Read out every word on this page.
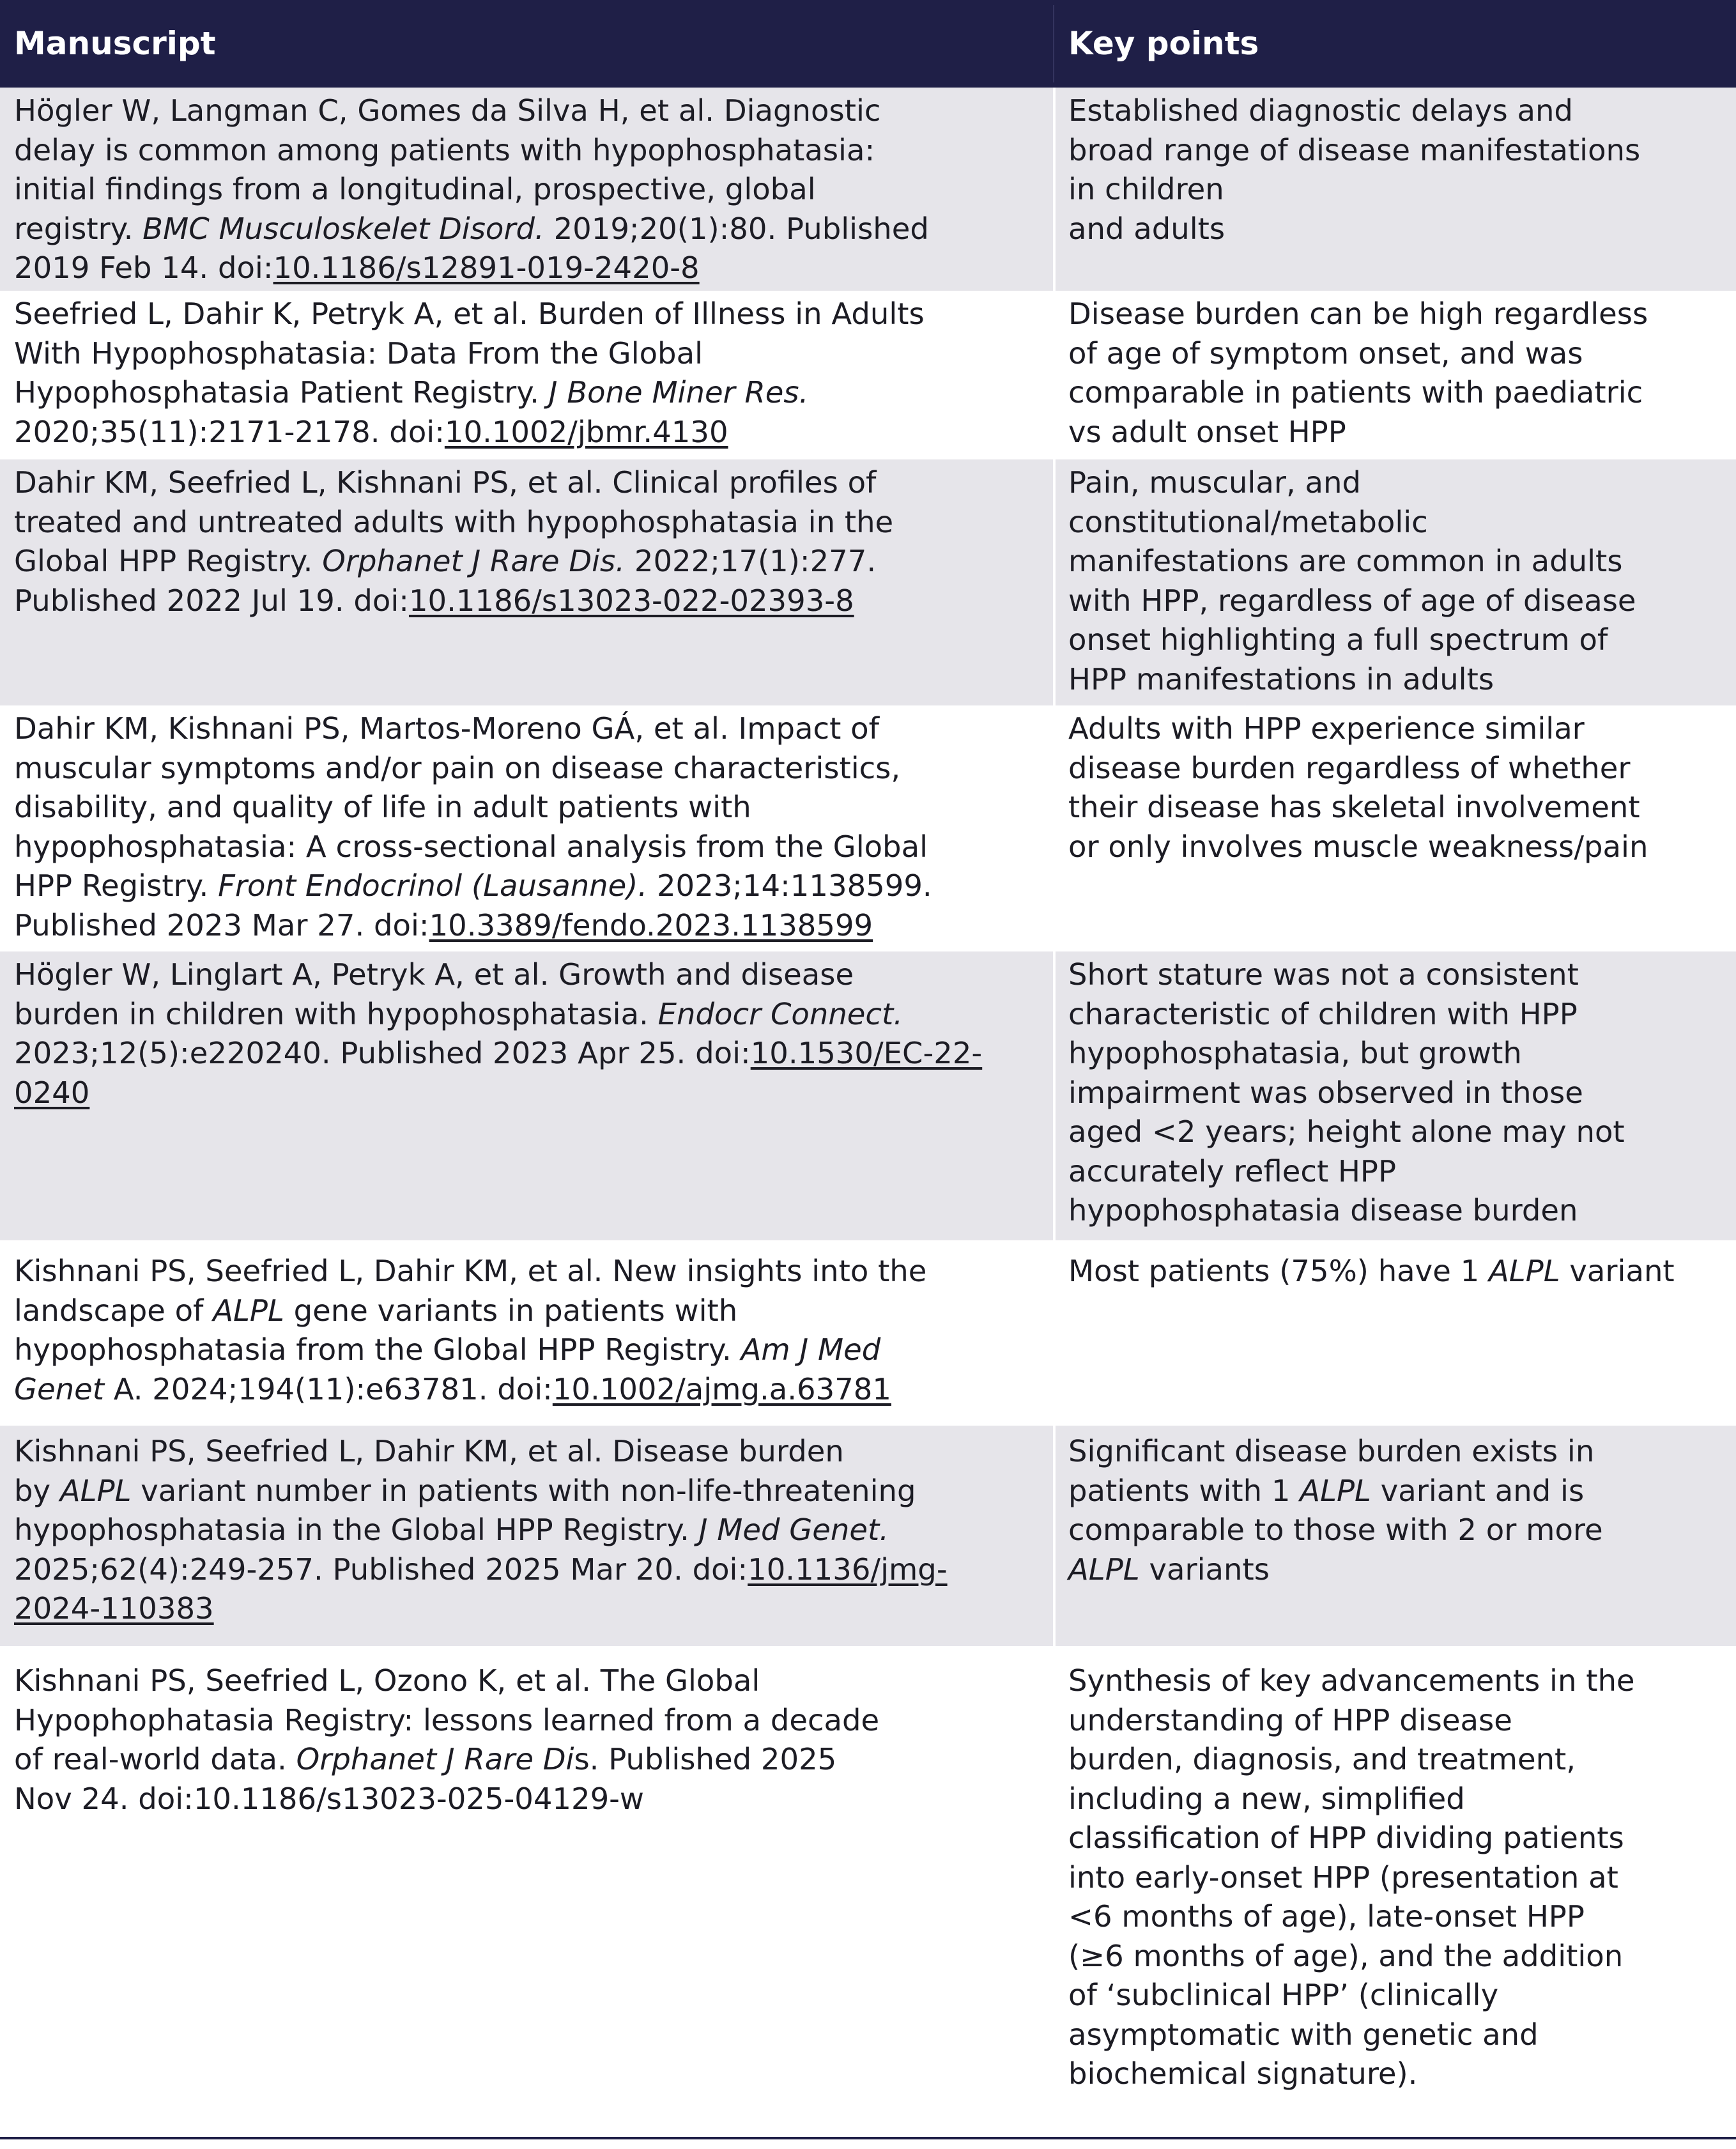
Manuscript	Key points
Högler W, Langman C, Gomes da Silva H, et al. Diagnostic
delay is common among patients with hypophosphatasia:
initial findings from a longitudinal, prospective, global
registry. BMC Musculoskelet Disord. 2019;20(1):80. Published
2019 Feb 14. doi:10.1186/s12891-019-2420-8
Established diagnostic delays and
broad range of disease manifestations
in children
and adults
Seefried L, Dahir K, Petryk A, et al. Burden of Illness in Adults
With Hypophosphatasia: Data From the Global
Hypophosphatasia Patient Registry. J Bone Miner Res.
2020;35(11):2171-2178. doi:10.1002/jbmr.4130
Disease burden can be high regardless
of age of symptom onset, and was
comparable in patients with paediatric
vs adult onset HPP
Dahir KM, Seefried L, Kishnani PS, et al. Clinical profiles of
treated and untreated adults with hypophosphatasia in the
Global HPP Registry. Orphanet J Rare Dis. 2022;17(1):277.
Published 2022 Jul 19. doi:10.1186/s13023-022-02393-8
Pain, muscular, and
constitutional/metabolic
manifestations are common in adults
with HPP, regardless of age of disease
onset highlighting a full spectrum of
HPP manifestations in adults
Dahir KM, Kishnani PS, Martos-Moreno GÁ, et al. Impact of
muscular symptoms and/or pain on disease characteristics,
disability, and quality of life in adult patients with
hypophosphatasia: A cross-sectional analysis from the Global
HPP Registry. Front Endocrinol (Lausanne). 2023;14:1138599.
Published 2023 Mar 27. doi:10.3389/fendo.2023.1138599
Adults with HPP experience similar
disease burden regardless of whether
their disease has skeletal involvement
or only involves muscle weakness/pain
Högler W, Linglart A, Petryk A, et al. Growth and disease
burden in children with hypophosphatasia. Endocr Connect.
2023;12(5):e220240. Published 2023 Apr 25. doi:10.1530/EC-22-
0240
Short stature was not a consistent
characteristic of children with HPP
hypophosphatasia, but growth
impairment was observed in those
aged <2 years; height alone may not
accurately reflect HPP
hypophosphatasia disease burden
Kishnani PS, Seefried L, Dahir KM, et al. New insights into the
landscape of ALPL gene variants in patients with
hypophosphatasia from the Global HPP Registry. Am J Med
Genet A. 2024;194(11):e63781. doi:10.1002/ajmg.a.63781
Most patients (75%) have 1 ALPL variant
Kishnani PS, Seefried L, Dahir KM, et al. Disease burden
by ALPL variant number in patients with non-life-threatening
hypophosphatasia in the Global HPP Registry. J Med Genet.
2025;62(4):249-257. Published 2025 Mar 20. doi:10.1136/jmg-
2024-110383
Significant disease burden exists in
patients with 1 ALPL variant and is
comparable to those with 2 or more
ALPL variants
Kishnani PS, Seefried L, Ozono K, et al. The Global
Hypophophatasia Registry: lessons learned from a decade
of real-world data. Orphanet J Rare Dis. Published 2025
Nov 24. doi:10.1186/s13023-025-04129-w
Synthesis of key advancements in the
understanding of HPP disease
burden, diagnosis, and treatment,
including a new, simplified
classification of HPP dividing patients
into early-onset HPP (presentation at
<6 months of age), late-onset HPP
(≥6 months of age), and the addition
of ‘subclinical HPP’ (clinically
asymptomatic with genetic and
biochemical signature).
